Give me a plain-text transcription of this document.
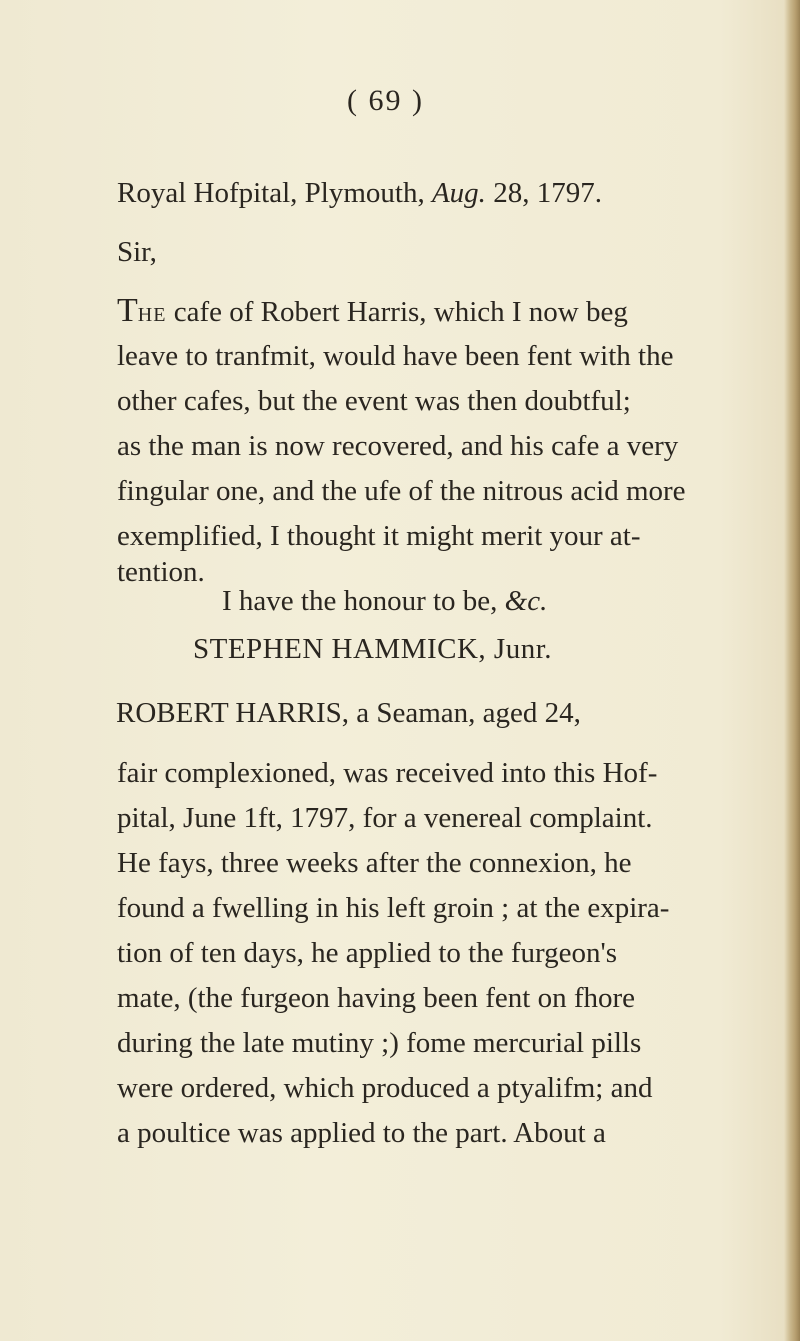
( 69 )
Royal Hofpital, Plymouth, Aug. 28, 1797.
Sir,
THE cafe of Robert Harris, which I now beg
leave to tranfmit, would have been fent with the
other cafes, but the event was then doubtful;
as the man is now recovered, and his cafe a very
fingular one, and the ufe of the nitrous acid more
exemplified, I thought it might merit your at-
tention.
I have the honour to be, &c.
STEPHEN HAMMICK, Junr.
ROBERT HARRIS, a Seaman, aged 24,
fair complexioned, was received into this Hof-
pital, June 1ft, 1797, for a venereal complaint.
He fays, three weeks after the connexion, he
found a fwelling in his left groin ; at the expira-
tion of ten days, he applied to the furgeon's
mate, (the furgeon having been fent on fhore
during the late mutiny ;) fome mercurial pills
were ordered, which produced a ptyalifm; and
a poultice was applied to the part. About a
